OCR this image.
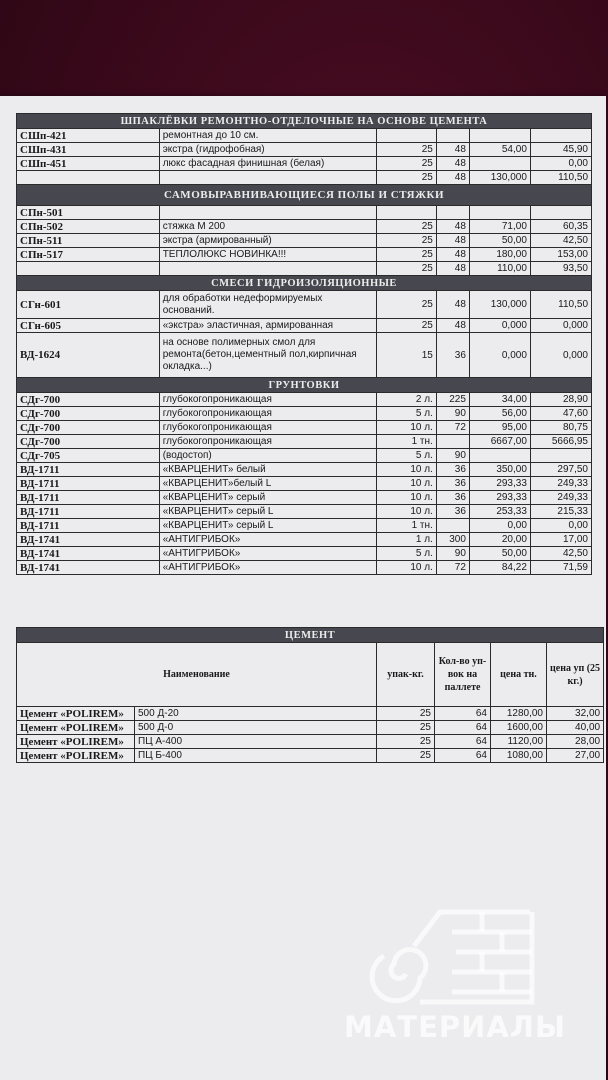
ШПАКЛЁВКИ РЕМОНТНО-ОТДЕЛОЧНЫЕ НА ОСНОВЕ ЦЕМЕНТА					
СШп-421	ремонтная до 10 см.				
СШп-431	экстра (гидрофобная)	25	48	54,00	45,90
СШп-451	люкс фасадная финишная (белая)	25	48		0,00
		25	48	130,000	110,50
САМОВЫРАВНИВАЮЩИЕСЯ ПОЛЫ И СТЯЖКИ					
СПн-501					
СПн-502	стяжка М 200	25	48	71,00	60,35
СПн-511	экстра (армированный)	25	48	50,00	42,50
СПн-517	ТЕПЛОЛЮКС НОВИНКА!!!	25	48	180,00	153,00
		25	48	110,00	93,50
СМЕСИ ГИДРОИЗОЛЯЦИОННЫЕ					
СГн-601	для обработки недеформируемых оснований.	25	48	130,000	110,50
СГн-605	«экстра» эластичная, армированная	25	48	0,000	0,000
ВД-1624	на основе полимерных смол для ремонта(бетон,цементный пол,кирпичная окладка...)	15	36	0,000	0,000
ГРУНТОВКИ					
СДг-700	глубокогопроникающая	2 л.	225	34,00	28,90
СДг-700	глубокогопроникающая	5 л.	90	56,00	47,60
СДг-700	глубокогопроникающая	10 л.	72	95,00	80,75
СДг-700	глубокогопроникающая	1 тн.		6667,00	5666,95
СДг-705	(водостоп)	5 л.	90		
ВД-1711	«КВАРЦЕНИТ» белый	10 л.	36	350,00	297,50
ВД-1711	«КВАРЦЕНИТ»белый L	10 л.	36	293,33	249,33
ВД-1711	«КВАРЦЕНИТ» серый	10 л.	36	293,33	249,33
ВД-1711	«КВАРЦЕНИТ» серый L	10 л.	36	253,33	215,33
ВД-1711	«КВАРЦЕНИТ» серый L	1 тн.		0,00	0,00
ВД-1741	«АНТИГРИБОК»	1 л.	300	20,00	17,00
ВД-1741	«АНТИГРИБОК»	5 л.	90	50,00	42,50
ВД-1741	«АНТИГРИБОК»	10 л.	72	84,22	71,59
ЦЕМЕНТ					
Наименование		упак-кг.	Кол-во уп-вок на паллете	цена тн.	цена уп (25 кг.)
Цемент «POLIREM»	500 Д-20	25	64	1280,00	32,00
Цемент «POLIREM»	500 Д-0	25	64	1600,00	40,00
Цемент «POLIREM»	ПЦ А-400	25	64	1120,00	28,00
Цемент «POLIREM»	ПЦ Б-400	25	64	1080,00	27,00
МАТЕРИАЛЫ
